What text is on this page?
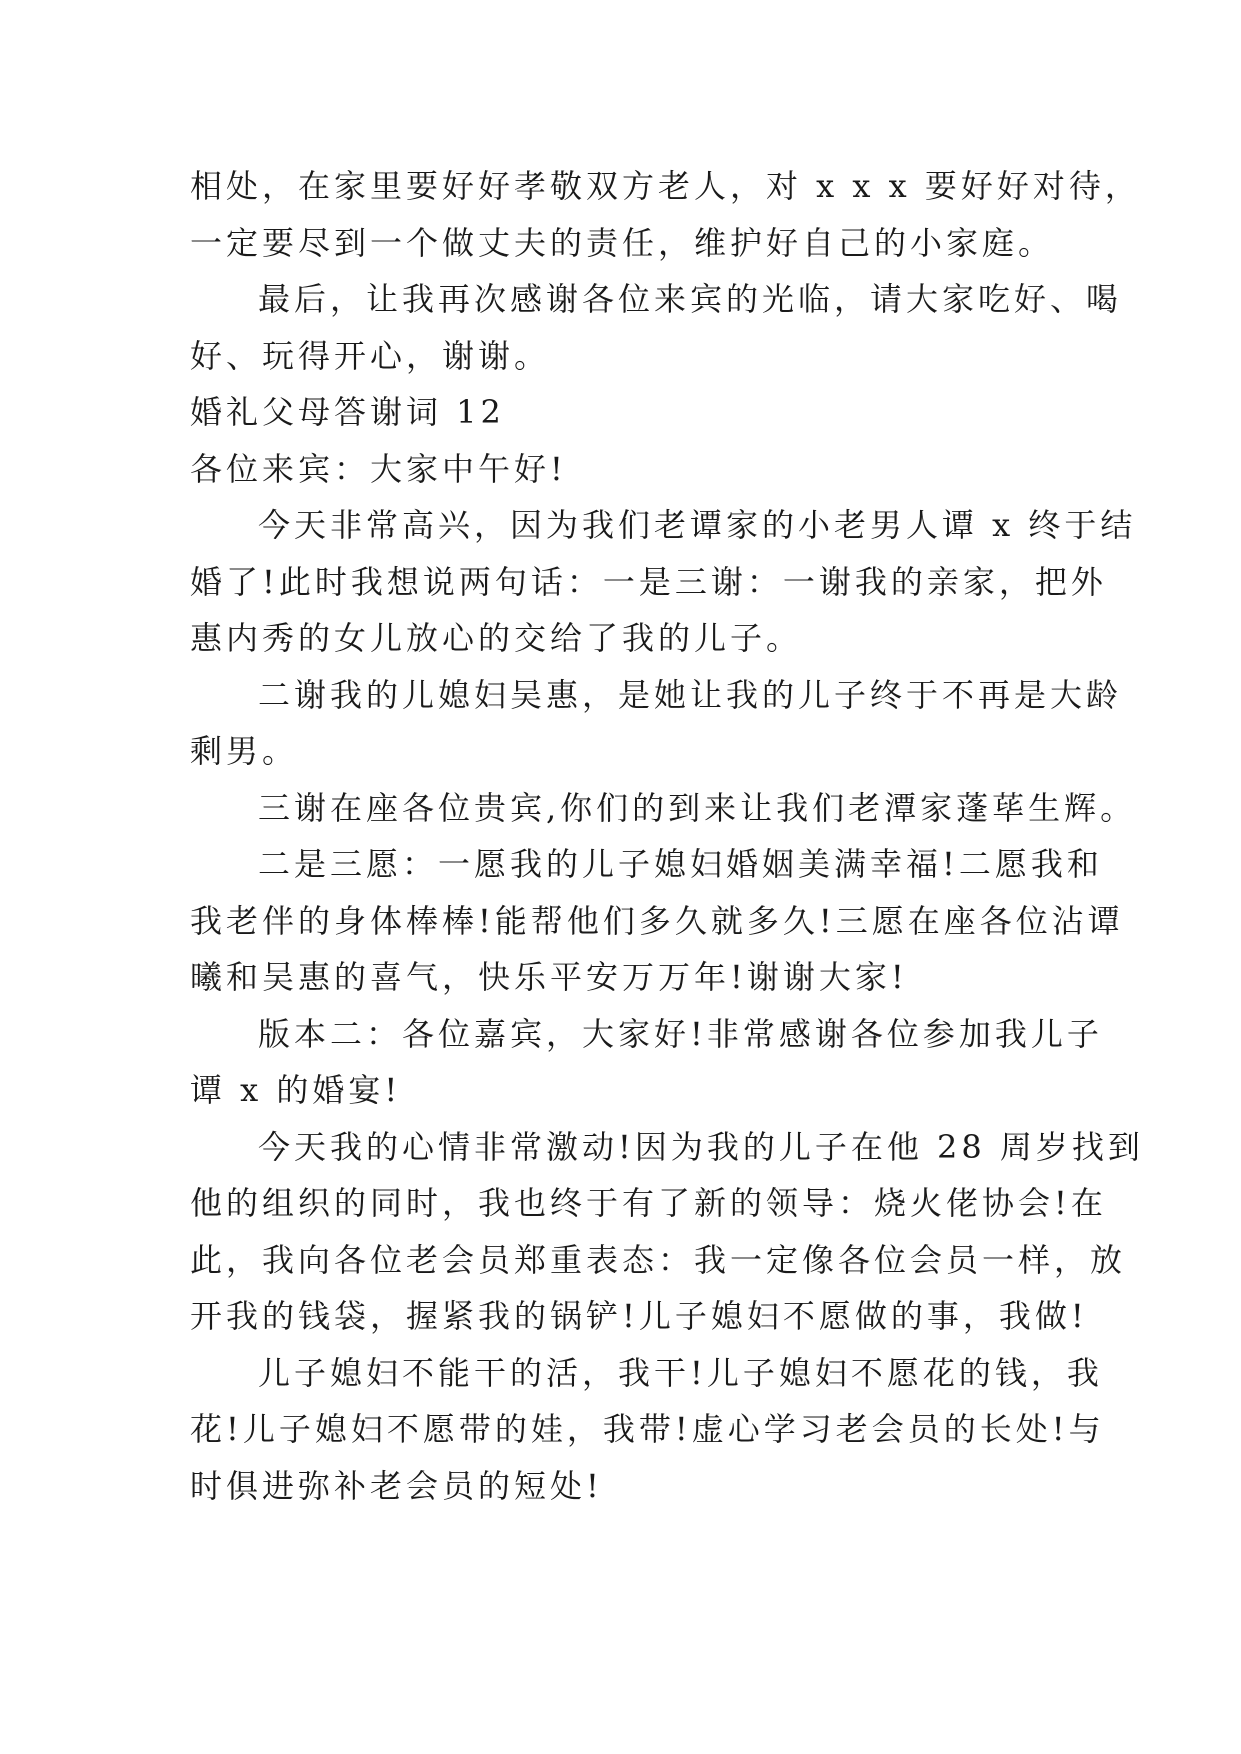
相处，在家里要好好孝敬双方老人，对 x x x 要好好对待，
一定要尽到一个做丈夫的责任，维护好自己的小家庭。
最后，让我再次感谢各位来宾的光临，请大家吃好、喝
好、玩得开心，谢谢。
婚礼父母答谢词 12
各位来宾：大家中午好!
今天非常高兴，因为我们老谭家的小老男人谭 x 终于结
婚了!此时我想说两句话：一是三谢：一谢我的亲家，把外
惠内秀的女儿放心的交给了我的儿子。
二谢我的儿媳妇吴惠，是她让我的儿子终于不再是大龄
剩男。
三谢在座各位贵宾,你们的到来让我们老潭家蓬荜生辉。
二是三愿：一愿我的儿子媳妇婚姻美满幸福!二愿我和
我老伴的身体棒棒!能帮他们多久就多久!三愿在座各位沾谭
曦和吴惠的喜气，快乐平安万万年!谢谢大家!
版本二：各位嘉宾，大家好!非常感谢各位参加我儿子
谭 x 的婚宴!
今天我的心情非常激动!因为我的儿子在他 28 周岁找到
他的组织的同时，我也终于有了新的领导：烧火佬协会!在
此，我向各位老会员郑重表态：我一定像各位会员一样，放
开我的钱袋，握紧我的锅铲!儿子媳妇不愿做的事，我做!
儿子媳妇不能干的活，我干!儿子媳妇不愿花的钱，我
花!儿子媳妇不愿带的娃，我带!虚心学习老会员的长处!与
时俱进弥补老会员的短处!
